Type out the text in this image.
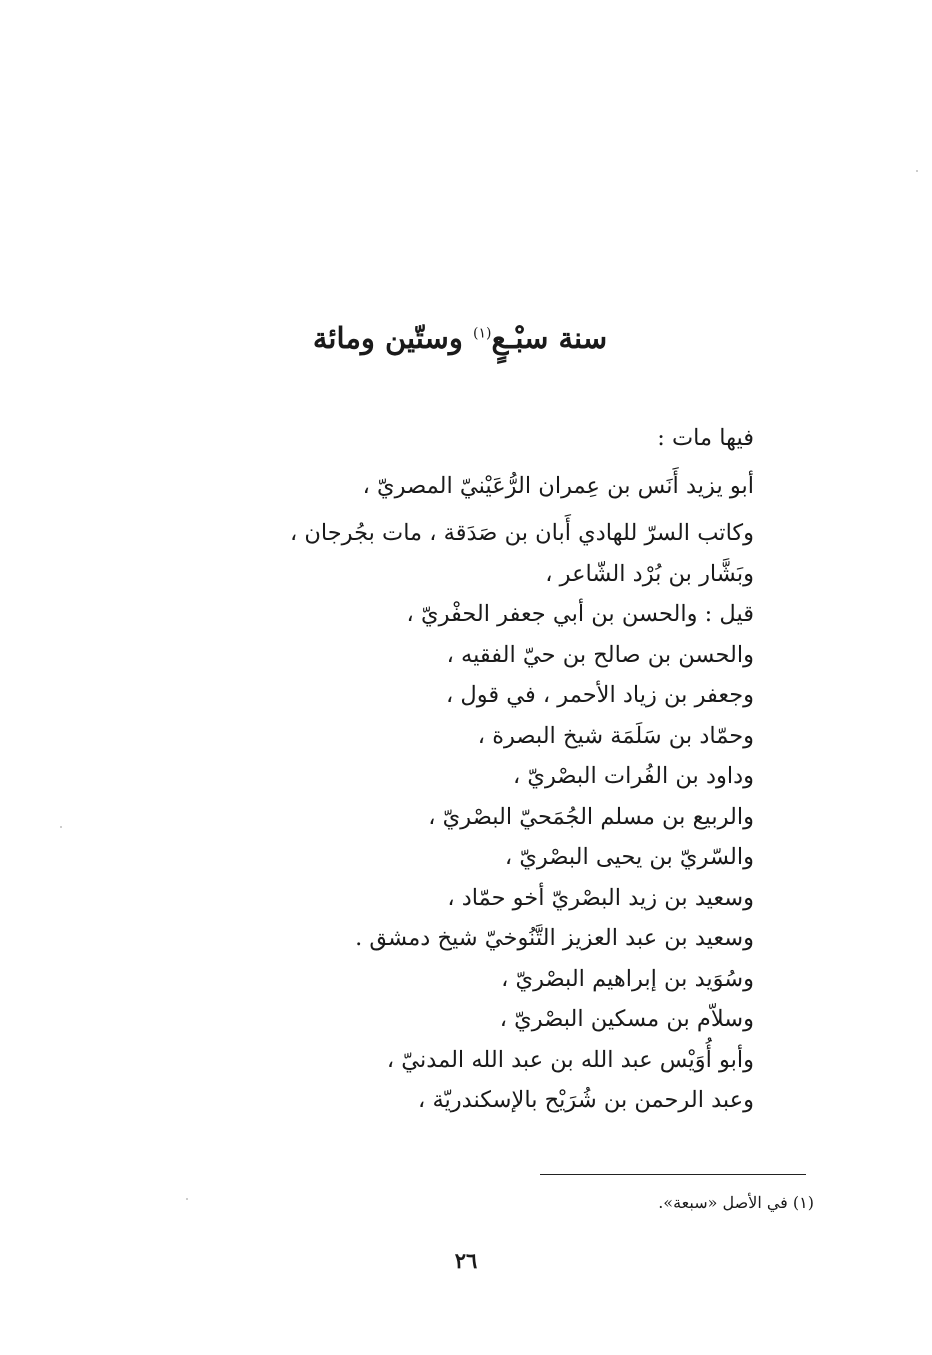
سنة سبْـعٍ$^{(١)}$ وستّين ومائة
فيها مات :
أبو يزيد أَنَس بن عِمران الرُّعَيْنيّ المصريّ ،
وكاتب السرّ للهادي أَبان بن صَدَقة ، مات بجُرجان ،
وبَشَّار بن بُرْد الشّاعر ،
قيل : والحسن بن أبي جعفر الحفْريّ ،
والحسن بن صالح بن حيّ الفقيه ،
وجعفر بن زياد الأحمر ، في قول ،
وحمّاد بن سَلَمَة شيخ البصرة ،
وداود بن الفُرات البصْريّ ،
والربيع بن مسلم الجُمَحيّ البصْريّ ،
والسّريّ بن يحيى البصْريّ ،
وسعيد بن زيد البصْريّ أخو حمّاد ،
وسعيد بن عبد العزيز التَّنُوخيّ شيخ دمشق .
وسُوَيد بن إبراهيم البصْريّ ،
وسلاّم بن مسكين البصْريّ ،
وأبو أُوَيْس عبد الله بن عبد الله المدنيّ ،
وعبد الرحمن بن شُرَيْح بالإسكندريّة ،
(١) في الأصل «سبعة».
٢٦
